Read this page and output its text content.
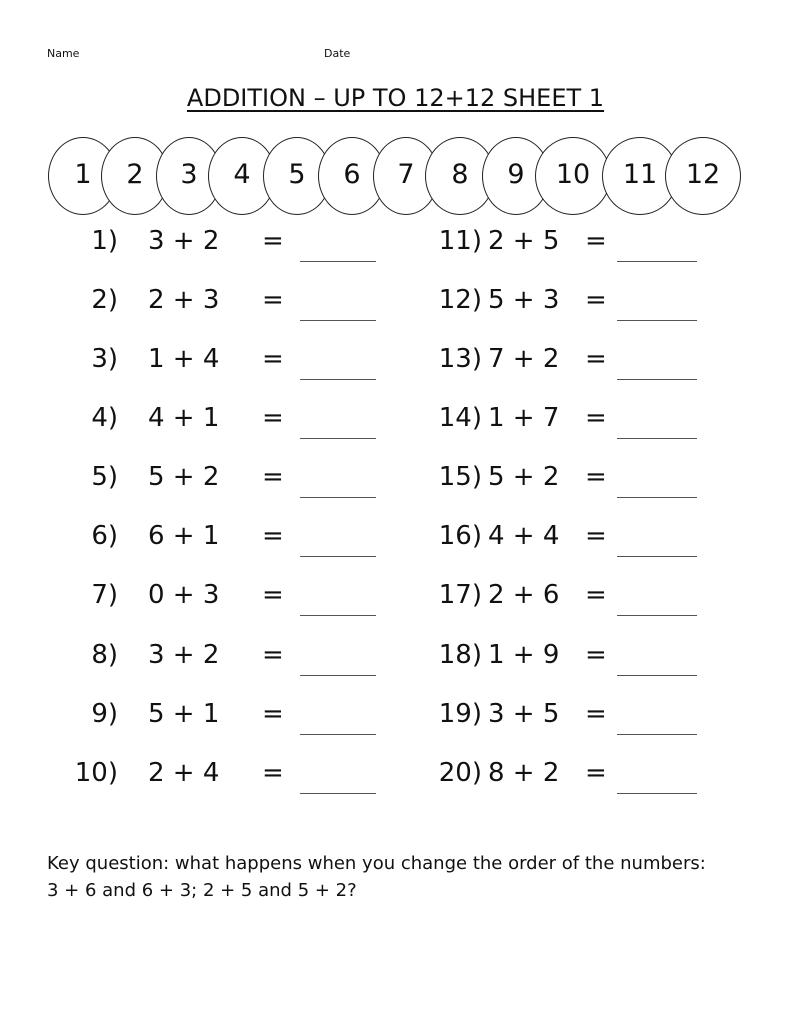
Name	Date
ADDITION – UP TO 12+12 SHEET 1
1	2	3	4	5	6	7	8	9	10	11	12
1) 3 + 2 =
2) 2 + 3 =
3) 1 + 4 =
4) 4 + 1 =
5) 5 + 2 =
6) 6 + 1 =
7) 0 + 3 =
8) 3 + 2 =
9) 5 + 1 =
10) 2 + 4 =
11) 2 + 5 =
12) 5 + 3 =
13) 7 + 2 =
14) 1 + 7 =
15) 5 + 2 =
16) 4 + 4 =
17) 2 + 6 =
18) 1 + 9 =
19) 3 + 5 =
20) 8 + 2 =
Key question: what happens when you change the order of the numbers:
3 + 6 and 6 + 3; 2 + 5 and 5 + 2?
